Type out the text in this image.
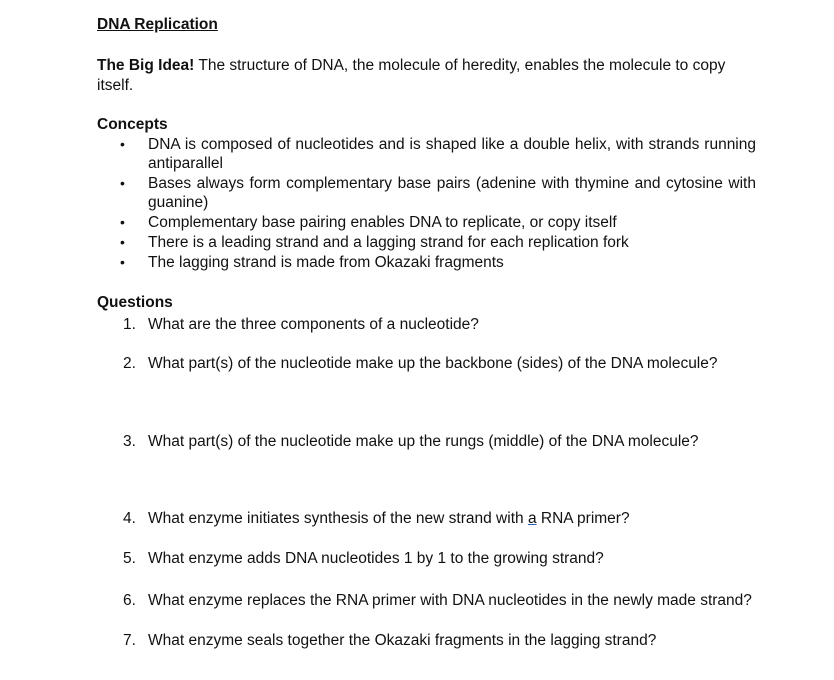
DNA Replication
The Big Idea! The structure of DNA, the molecule of heredity, enables the molecule to copy itself.
Concepts
•	DNA is composed of nucleotides and is shaped like a double helix, with strands running antiparallel
•	Bases always form complementary base pairs (adenine with thymine and cytosine with guanine)
•	Complementary base pairing enables DNA to replicate, or copy itself
•	There is a leading strand and a lagging strand for each replication fork
•	The lagging strand is made from Okazaki fragments
Questions
1. What are the three components of a nucleotide?
2. What part(s) of the nucleotide make up the backbone (sides) of the DNA molecule?
3. What part(s) of the nucleotide make up the rungs (middle) of the DNA molecule?
4. What enzyme initiates synthesis of the new strand with a RNA primer?
5. What enzyme adds DNA nucleotides 1 by 1 to the growing strand?
6. What enzyme replaces the RNA primer with DNA nucleotides in the newly made strand?
7. What enzyme seals together the Okazaki fragments in the lagging strand?
